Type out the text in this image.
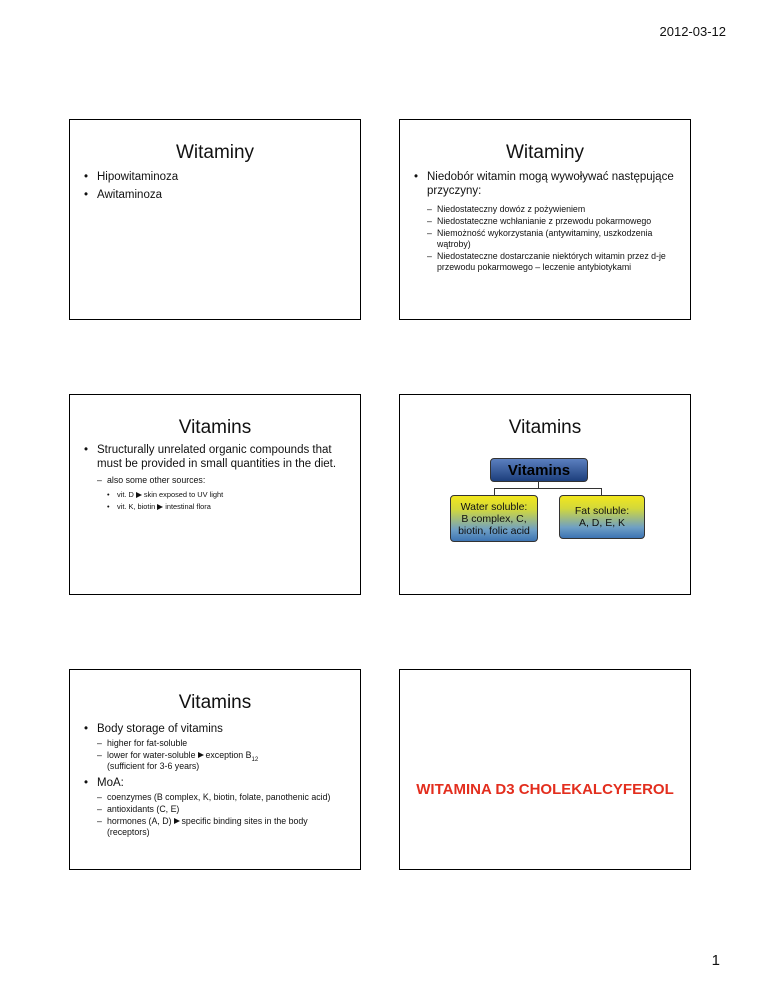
2012-03-12
Witaminy
• Hipowitaminoza
• Awitaminoza
Witaminy
• Niedobór witamin mogą wywoływać następujące przyczyny:
– Niedostateczny dowóz z pożywieniem
– Niedostateczne wchłanianie z przewodu pokarmowego
– Niemożność wykorzystania (antywitaminy, uszkodzenia wątroby)
– Niedostateczne dostarczanie niektórych witamin przez d-je przewodu pokarmowego – leczenie antybiotykami
Vitamins
• Structurally unrelated organic compounds that must be provided in small quantities in the diet.
– also some other sources:
• vit. D skin exposed to UV light
• vit. K, biotin intestinal flora
Vitamins
Vitamins
Water soluble:
B complex, C,
biotin, folic acid
Fat soluble:
A, D, E, K
Vitamins
• Body storage of vitamins
– higher for fat-soluble
– lower for water-soluble exception $B_{12}$
(sufficient for 3-6 years)
• MoA:
– coenzymes (B complex, K, biotin, folate, panothenic acid)
– antioxidants (C, E)
– hormones (A, D) specific binding sites in the body (receptors)
WITAMINA D3 CHOLEKALCYFEROL
1
